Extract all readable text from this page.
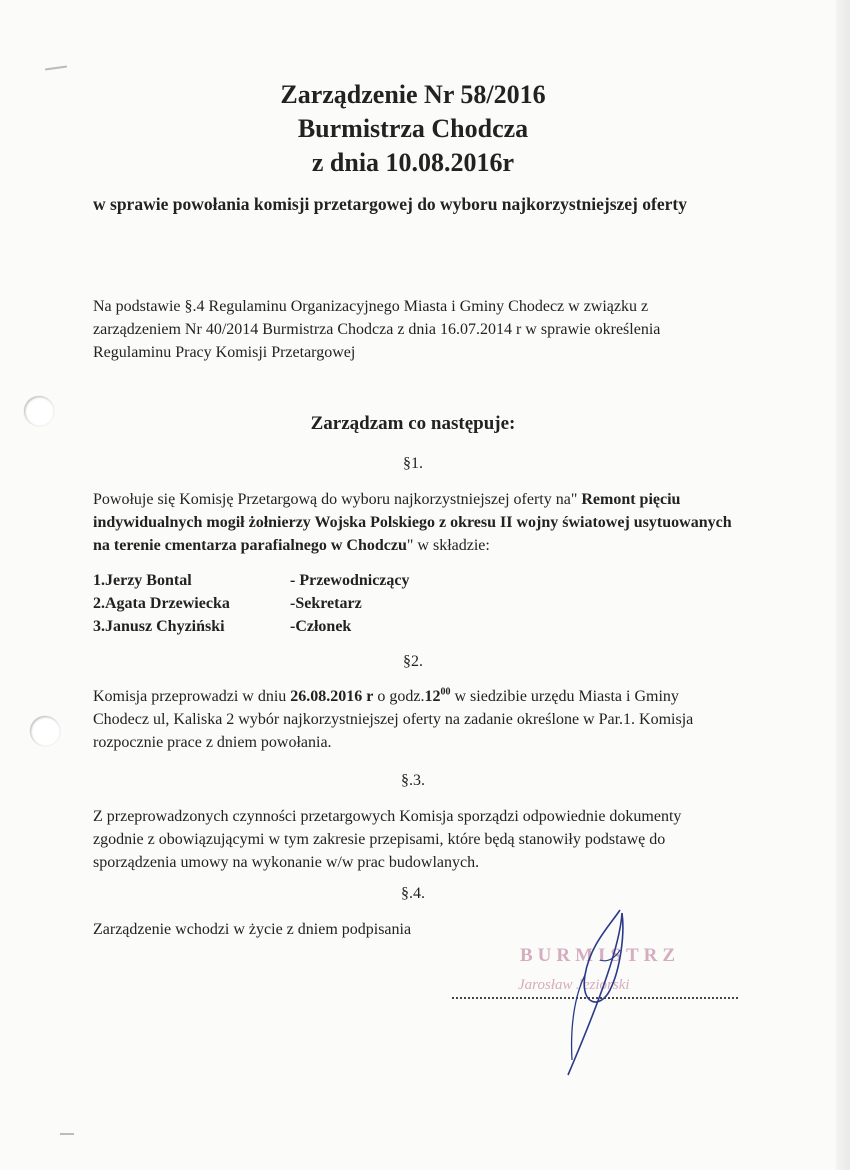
Zarządzenie Nr 58/2016
Burmistrza Chodcza
z dnia 10.08.2016r
w sprawie powołania komisji przetargowej do wyboru najkorzystniejszej oferty
Na podstawie §.4 Regulaminu Organizacyjnego Miasta i Gminy Chodecz w związku z zarządzeniem Nr 40/2014 Burmistrza Chodcza z dnia 16.07.2014 r w sprawie określenia Regulaminu Pracy Komisji Przetargowej
Zarządzam co następuje:
§1.
Powołuje się Komisję Przetargową do wyboru najkorzystniejszej oferty na" Remont pięciu indywidualnych mogił żołnierzy Wojska Polskiego z okresu II wojny światowej usytuowanych na terenie cmentarza parafialnego w Chodczu" w składzie:
1.Jerzy Bontal	- Przewodniczący
2.Agata Drzewiecka	-Sekretarz
3.Janusz Chyziński	-Członek
§2.
Komisja przeprowadzi w dniu 26.08.2016 r o $godz.12^{00}$ w siedzibie urzędu Miasta i Gminy Chodecz ul, Kaliska 2 wybór najkorzystniejszej oferty na zadanie określone w Par.1. Komisja rozpocznie prace z dniem powołania.
§.3.
Z przeprowadzonych czynności przetargowych Komisja sporządzi odpowiednie dokumenty zgodnie z obowiązującymi w tym zakresie przepisami, które będą stanowiły podstawę do sporządzenia umowy na wykonanie w/w prac budowlanych.
§.4.
Zarządzenie wchodzi w życie z dniem podpisania
BURMISTRZ
Jarosław Jeziorski
